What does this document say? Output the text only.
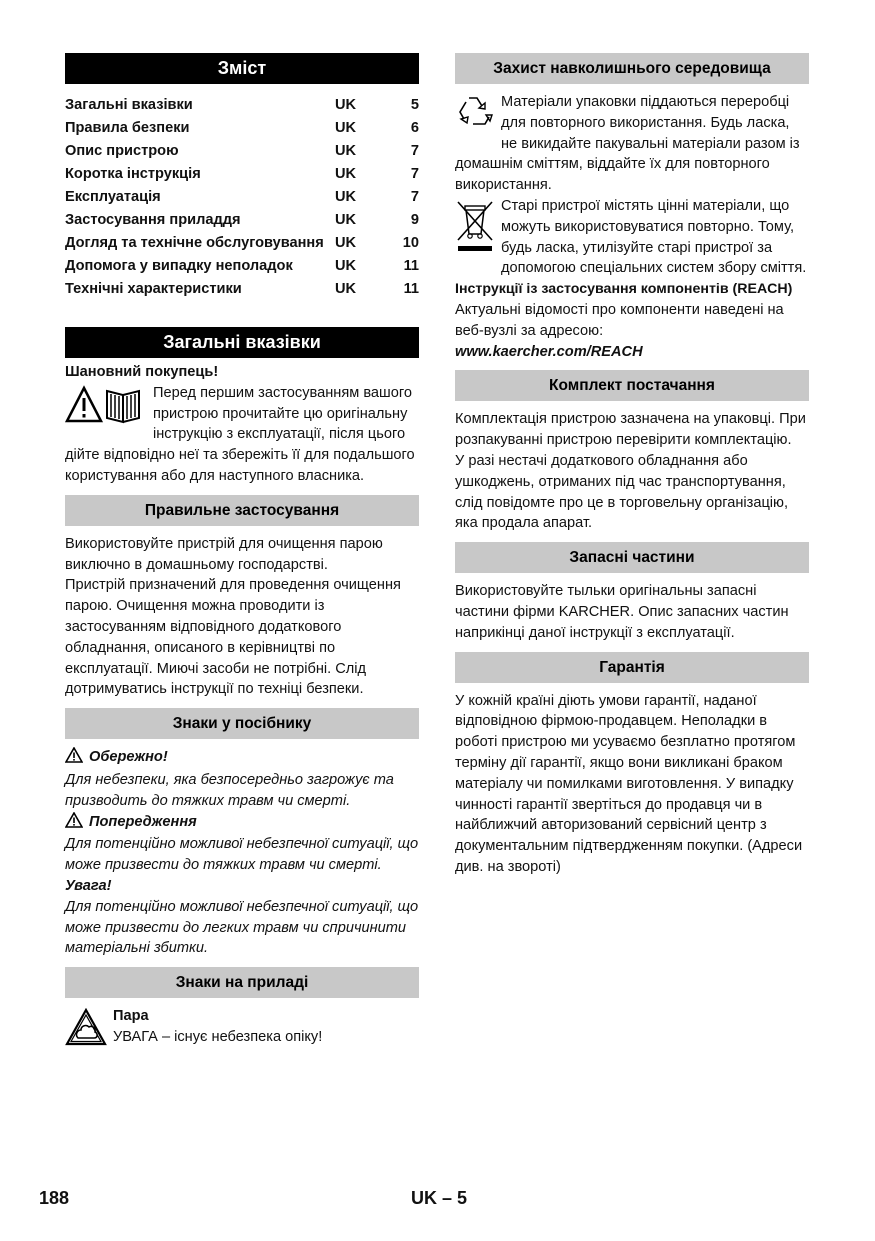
Зміст
Загальні вказівки	UK	5
Правила безпеки	UK	6
Опис пристрою	UK	7
Коротка інструкція	UK	7
Експлуатація	UK	7
Застосування приладдя	UK	9
Догляд та технічне обслуговування	UK	10
Допомога у випадку неполадок	UK	11
Технічні характеристики	UK	11
Загальні вказівки

Шановний покупець!

Перед першим застосуванням вашого пристрою прочитайте цю оригінальну інструкцію з експлуатації, після цього дійте відповідно неї та збережіть її для подальшого користування або для наступного власника.

Правильне застосування

Використовуйте пристрій для очищення парою виключно в домашньому господарстві.

Пристрій призначений для проведення очищення парою. Очищення можна проводити із застосуванням відповідного додаткового обладнання, описаного в керівництві по експлуатації. Миючі засоби не потрібні. Слід дотримуватись інструкції по техніці безпеки.

Знаки у посібнику

Обережно!

Для небезпеки, яка безпосередньо загрожує та призводить до тяжких травм чи смерті.

Попередження

Для потенційно можливої небезпечної ситуації, що може призвести до тяжких травм чи смерті.

Увага!

Для потенційно можливої небезпечної ситуації, що може призвести до легких травм чи спричинити матеріальні збитки.

Знаки на приладі

Пара

УВАГА – існує небезпека опіку!

Захист навколишнього середовища

Матеріали упаковки піддаються переробці для повторного використання. Будь ласка, не викидайте пакувальні матеріали разом із домашнім сміттям, віддайте їх для повторного використання.

Старі пристрої містять цінні матеріали, що можуть використовуватися повторно. Тому, будь ласка, утилізуйте старі пристрої за допомогою спеціальних систем збору сміття.

Інструкції із застосування компонентів (REACH)

Актуальні відомості про компоненти наведені на веб-вузлі за адресою:

www.kaercher.com/REACH

Комплект постачання

Комплектація пристрою зазначена на упаковці. При розпакуванні пристрою перевірити комплектацію.

У разі нестачі додаткового обладнання або ушкоджень, отриманих під час транспортування, слід повідомте про це в торговельну організацію, яка продала апарат.

Запасні частини

Використовуйте тыльки оригінальны запасні частини фірми KARCHER. Опис запасних частин наприкінці даної інструкції з експлуатації.

Гарантія

У кожній країні діють умови гарантії, наданої відповідною фірмою-продавцем. Неполадки в роботі пристрою ми усуваємо безплатно протягом терміну дії гарантії, якщо вони викликані браком матеріалу чи помилками виготовлення. У випадку чинності гарантії звертіться до продавця чи в найближчий авторизований сервісний центр з документальним підтвердженням покупки. (Адреси див. на звороті)

188	UK – 5
